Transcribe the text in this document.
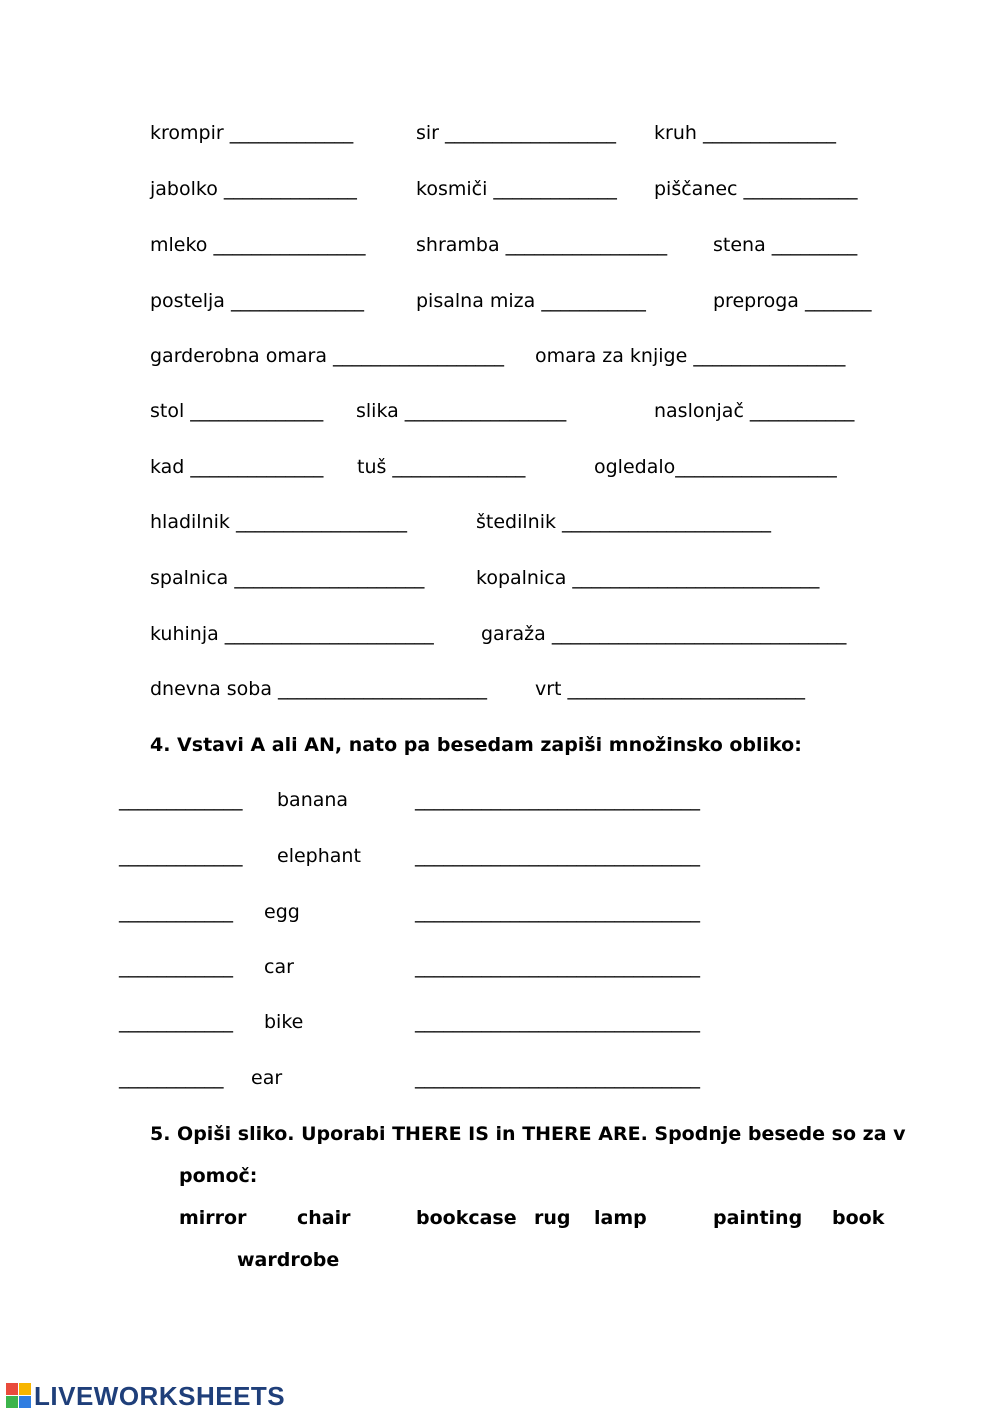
krompir _____________	sir __________________ kruh ______________
jabolko ______________	kosmiči _____________ piščanec ____________
mleko ________________	shramba _________________ stena _________
postelja ______________	pisalna miza ___________	preproga _______
garderobna omara __________________ omara za knjige ________________
stol ______________ slika _________________	naslonjač ___________
kad ______________ tuš ______________	ogledalo_________________
hladilnik __________________	štedilnik ______________________
spalnica ____________________	kopalnica __________________________
kuhinja ______________________ garaža _______________________________
dnevna soba ______________________	vrt _________________________
4. Vstavi A ali AN, nato pa besedam zapiši množinsko obliko:
_____________ banana	______________________________
_____________ elephant	______________________________
____________ egg	______________________________
____________ car	______________________________
____________ bike	______________________________
___________ ear	______________________________
5. Opiši sliko. Uporabi THERE IS in THERE ARE. Spodnje besede so za v
pomoč:
mirror	chair	bookcase rug lamp	painting book
wardrobe
LIVEWORKSHEETS
